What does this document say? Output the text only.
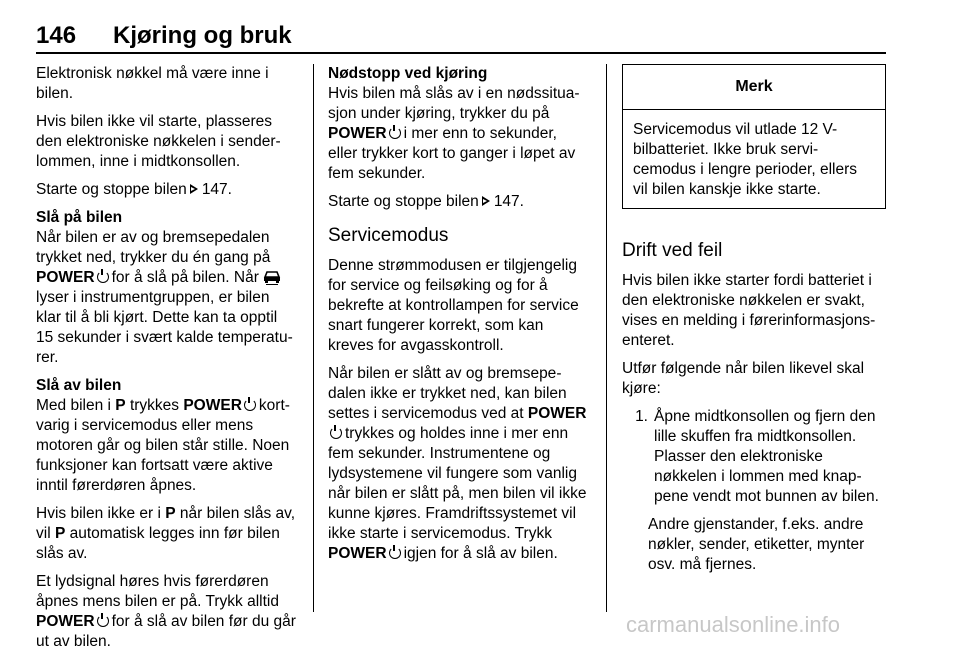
146 Kjøring og bruk

Elektronisk nøkkel må være inne i bilen.

Hvis bilen ikke vil starte, plasseres den elektroniske nøkkelen i senderlommen, inne i midtkonsollen.

Starte og stoppe bilen 147.

Slå på bilen

Når bilen er av og bremsepedalen trykket ned, trykker du én gang på POWER for å slå på bilen. Når lyser i instrumentgruppen, er bilen klar til å bli kjørt. Dette kan ta opptil 15 sekunder i svært kalde temperaturer.

Slå av bilen

Med bilen i P trykkes POWER kortvarig i servicemodus eller mens motoren går og bilen står stille. Noen funksjoner kan fortsatt være aktive inntil førerdøren åpnes.

Hvis bilen ikke er i P når bilen slås av, vil P automatisk legges inn før bilen slås av.

Et lydsignal høres hvis førerdøren åpnes mens bilen er på. Trykk alltid POWER for å slå av bilen før du går ut av bilen.

Nødstopp ved kjøring

Hvis bilen må slås av i en nødssituasjon under kjøring, trykker du på POWER i mer enn to sekunder, eller trykker kort to ganger i løpet av fem sekunder.

Starte og stoppe bilen 147.

Servicemodus

Denne strømmodusen er tilgjengelig for service og feilsøking og for å bekrefte at kontrollampen for service snart fungerer korrekt, som kan kreves for avgasskontroll.

Når bilen er slått av og bremsepedalen ikke er trykket ned, kan bilen settes i servicemodus ved at POWERtrykkes og holdes inne i mer enn fem sekunder. Instrumentene og lydsystemene vil fungere som vanlig når bilen er slått på, men bilen vil ikke kunne kjøres. Framdriftssystemet vil ikke starte i servicemodus. Trykk POWER igjen for å slå av bilen.

Merk
Servicemodus vil utlade 12 V-bilbatteriet. Ikke bruk servicemodus i lengre perioder, ellers vil bilen kanskje ikke starte.
Drift ved feil

Hvis bilen ikke starter fordi batteriet i den elektroniske nøkkelen er svakt, vises en melding i førerinformasjonsenteret.

Utfør følgende når bilen likevel skal kjøre:

1. Åpne midtkonsollen og fjern den lille skuffen fra midtkonsollen. Plasser den elektroniske nøkkelen i lommen med knappene vendt mot bunnen av bilen.

Andre gjenstander, f.eks. andre nøkler, sender, etiketter, mynter osv. må fjernes.

carmanualsonline.info
